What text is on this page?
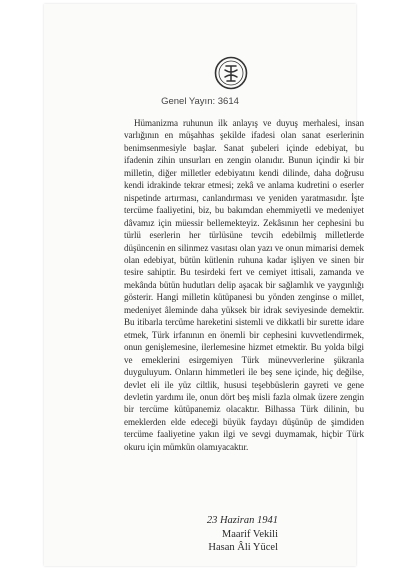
Genel Yayın: 3614

Hümanizma ruhunun ilk anlayış ve duyuş merhalesi, insan varlığının en müşahhas şekilde ifadesi olan sanat eserlerinin benimsenmesiyle başlar. Sanat şubeleri içinde edebiyat, bu ifadenin zihin unsurları en zengin olanıdır. Bunun içindir ki bir milletin, diğer milletler edebiyatını kendi dilinde, daha doğrusu kendi idrakinde tekrar etmesi; zekâ ve anlama kudretini o eserler nispetinde artırması, canlandırması ve yeniden yaratmasıdır. İşte tercüme faaliyetini, biz, bu bakımdan ehemmiyetli ve medeniyet dâvamız için müessir bellemekteyiz. Zekâsının her cephesini bu türlü eserlerin her türlüsüne tevcih edebilmiş milletlerde düşüncenin en silinmez vasıtası olan yazı ve onun mimarisi demek olan edebiyat, bütün kütlenin ruhuna kadar işliyen ve sinen bir tesire sahiptir. Bu tesirdeki fert ve cemiyet ittisali, zamanda ve mekânda bütün hudutları delip aşacak bir sağlamlık ve yaygınlığı gösterir. Hangi milletin kütüpanesi bu yönden zenginse o millet, medeniyet âleminde daha yüksek bir idrak seviyesinde demektir. Bu itibarla tercüme hareketini sistemli ve dikkatli bir surette idare etmek, Türk irfanının en önemli bir cephesini kuvvetlendirmek, onun genişlemesine, ilerlemesine hizmet etmektir. Bu yolda bilgi ve emeklerini esirgemiyen Türk münevverlerine şükranla duyguluyum. Onların himmetleri ile beş sene içinde, hiç değilse, devlet eli ile yüz ciltlik, hususi teşebbüslerin gayreti ve gene devletin yardımı ile, onun dört beş misli fazla olmak üzere zengin bir tercüme kütüpanemiz olacaktır. Bilhassa Türk dilinin, bu emeklerden elde edeceği büyük faydayı düşünüp de şimdiden tercüme faaliyetine yakın ilgi ve sevgi duymamak, hiçbir Türk okuru için mümkün olamıyacaktır.

23 Haziran 1941
Maarif Vekili
Hasan Âli Yücel
